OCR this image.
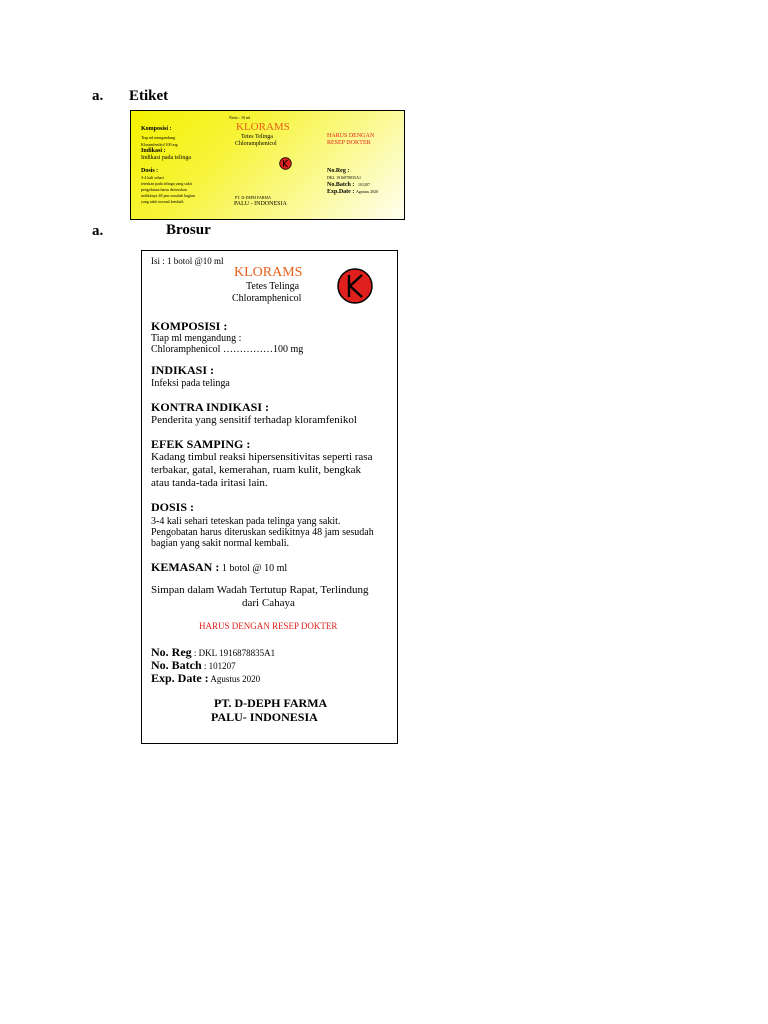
a. Etiket
Netto : 10 ml
KLORAMS
Tetes Telinga
Chloramphenicol
Komposisi :
Tiap ml mengandung
Kloramfenikol 100 mg
Indikasi :
Indikasi pada telinga
Dosis :
3-4 kali sehari
teteskan pada telinga yang sakit
pengobatan harus diteruskan
sedikitnya 48 jam sesudah bagian
yang sakit normal kembali
HARUS DENGAN
RESEP DOKTER
No.Reg :
DKL 1916878835A1
No.Batch : 101207
Exp.Date : Agustus 2020
PT. D-DEPH FARMA
PALU - INDONESIA
a.	Brosur
Isi : 1 botol @10 ml
KLORAMS
Tetes Telinga
Chloramphenicol
KOMPOSISI :
Tiap ml mengandung :
Chloramphenicol ……………100 mg
INDIKASI :
Infeksi pada telinga
KONTRA INDIKASI :
Penderita yang sensitif terhadap kloramfenikol
EFEK SAMPING :
Kadang timbul reaksi hipersensitivitas seperti rasa
terbakar, gatal, kemerahan, ruam kulit, bengkak
atau tanda-tada iritasi lain.
DOSIS :
3-4 kali sehari teteskan pada telinga yang sakit.
Pengobatan harus diteruskan sedikitnya 48 jam sesudah
bagian yang sakit normal kembali.
KEMASAN : 1 botol @ 10 ml
Simpan dalam Wadah Tertutup Rapat, Terlindung
dari Cahaya
HARUS DENGAN RESEP DOKTER
No. Reg : DKL 1916878835A1
No. Batch : 101207
Exp. Date : Agustus 2020
PT. D-DEPH FARMA
PALU- INDONESIA
